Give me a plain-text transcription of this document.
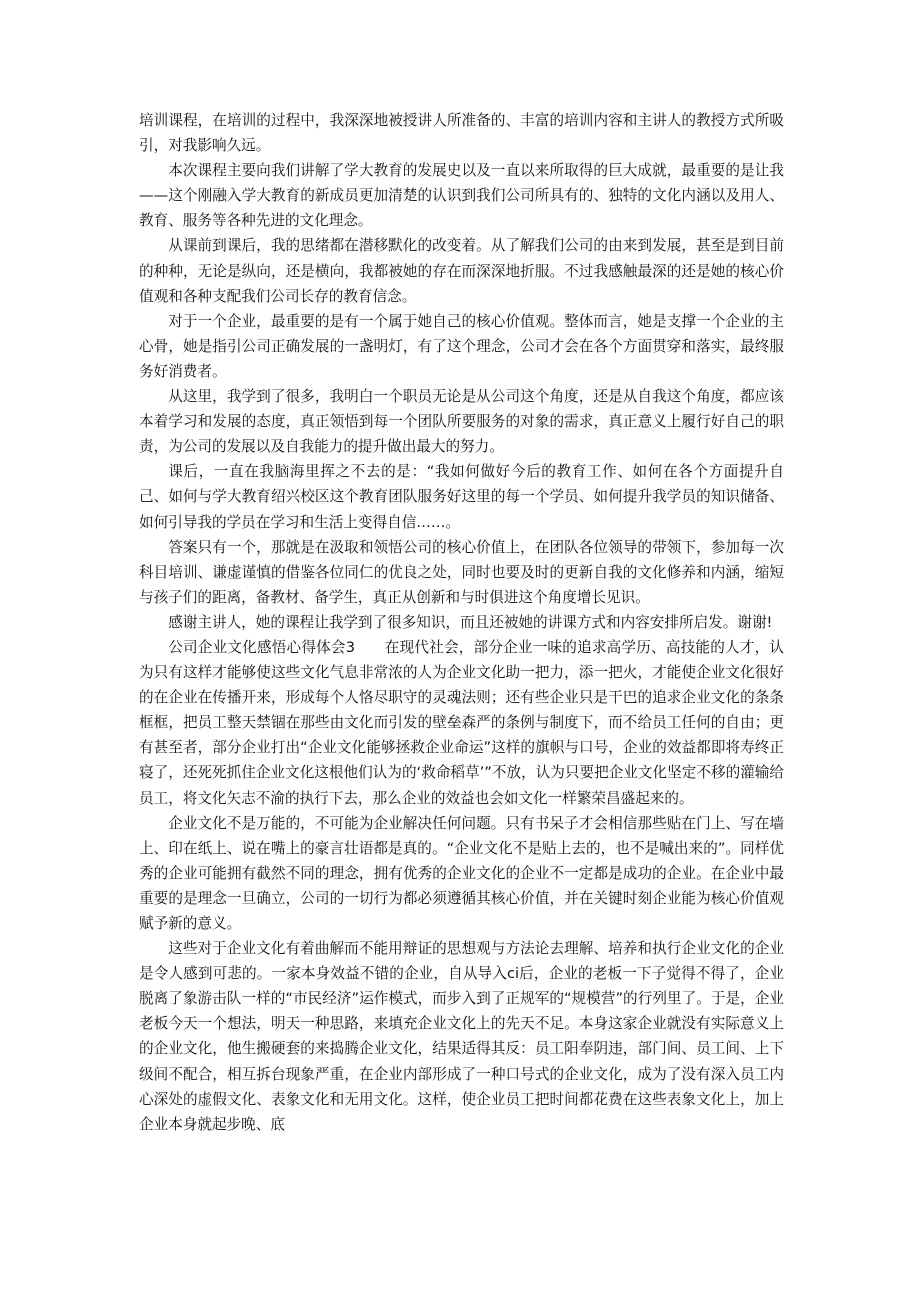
培训课程，在培训的过程中，我深深地被授讲人所准备的、丰富的培训内容和主讲人的教授方式所吸引，对我影响久远。

本次课程主要向我们讲解了学大教育的发展史以及一直以来所取得的巨大成就，最重要的是让我——这个刚融入学大教育的新成员更加清楚的认识到我们公司所具有的、独特的文化内涵以及用人、教育、服务等各种先进的文化理念。

从课前到课后，我的思绪都在潜移默化的改变着。从了解我们公司的由来到发展，甚至是到目前的种种，无论是纵向，还是横向，我都被她的存在而深深地折服。不过我感触最深的还是她的核心价值观和各种支配我们公司长存的教育信念。

对于一个企业，最重要的是有一个属于她自己的核心价值观。整体而言，她是支撑一个企业的主心骨，她是指引公司正确发展的一盏明灯，有了这个理念，公司才会在各个方面贯穿和落实，最终服务好消费者。

从这里，我学到了很多，我明白一个职员无论是从公司这个角度，还是从自我这个角度，都应该本着学习和发展的态度，真正领悟到每一个团队所要服务的对象的需求，真正意义上履行好自己的职责，为公司的发展以及自我能力的提升做出最大的努力。

课后，一直在我脑海里挥之不去的是：“我如何做好今后的教育工作、如何在各个方面提升自己、如何与学大教育绍兴校区这个教育团队服务好这里的每一个学员、如何提升我学员的知识储备、如何引导我的学员在学习和生活上变得自信……。

答案只有一个，那就是在汲取和领悟公司的核心价值上，在团队各位领导的带领下，参加每一次科目培训、谦虚谨慎的借鉴各位同仁的优良之处，同时也要及时的更新自我的文化修养和内涵，缩短与孩子们的距离，备教材、备学生，真正从创新和与时俱进这个角度增长见识。

感谢主讲人，她的课程让我学到了很多知识，而且还被她的讲课方式和内容安排所启发。谢谢!

公司企业文化感悟心得体会3　　在现代社会，部分企业一味的追求高学历、高技能的人才，认为只有这样才能够使这些文化气息非常浓的人为企业文化助一把力，添一把火，才能使企业文化很好的在企业在传播开来，形成每个人恪尽职守的灵魂法则；还有些企业只是干巴的追求企业文化的条条框框，把员工整天禁锢在那些由文化而引发的壁垒森严的条例与制度下，而不给员工任何的自由；更有甚至者，部分企业打出“企业文化能够拯救企业命运”这样的旗帜与口号，企业的效益都即将寿终正寝了，还死死抓住企业文化这根他们认为的‘救命稻草’”不放，认为只要把企业文化坚定不移的灌输给员工，将文化矢志不渝的执行下去，那么企业的效益也会如文化一样繁荣昌盛起来的。

企业文化不是万能的，不可能为企业解决任何问题。只有书呆子才会相信那些贴在门上、写在墙上、印在纸上、说在嘴上的豪言壮语都是真的。“企业文化不是贴上去的，也不是喊出来的”。同样优秀的企业可能拥有截然不同的理念，拥有优秀的企业文化的企业不一定都是成功的企业。在企业中最重要的是理念一旦确立，公司的一切行为都必须遵循其核心价值，并在关键时刻企业能为核心价值观赋予新的意义。

这些对于企业文化有着曲解而不能用辩证的思想观与方法论去理解、培养和执行企业文化的企业是令人感到可悲的。一家本身效益不错的企业，自从导入ci后，企业的老板一下子觉得不得了，企业脱离了象游击队一样的“市民经济”运作模式，而步入到了正规军的“规模营”的行列里了。于是，企业老板今天一个想法，明天一种思路，来填充企业文化上的先天不足。本身这家企业就没有实际意义上的企业文化，他生搬硬套的来捣腾企业文化，结果适得其反：员工阳奉阴违，部门间、员工间、上下级间不配合，相互拆台现象严重，在企业内部形成了一种口号式的企业文化，成为了没有深入员工内心深处的虚假文化、表象文化和无用文化。这样，使企业员工把时间都花费在这些表象文化上，加上企业本身就起步晚、底
